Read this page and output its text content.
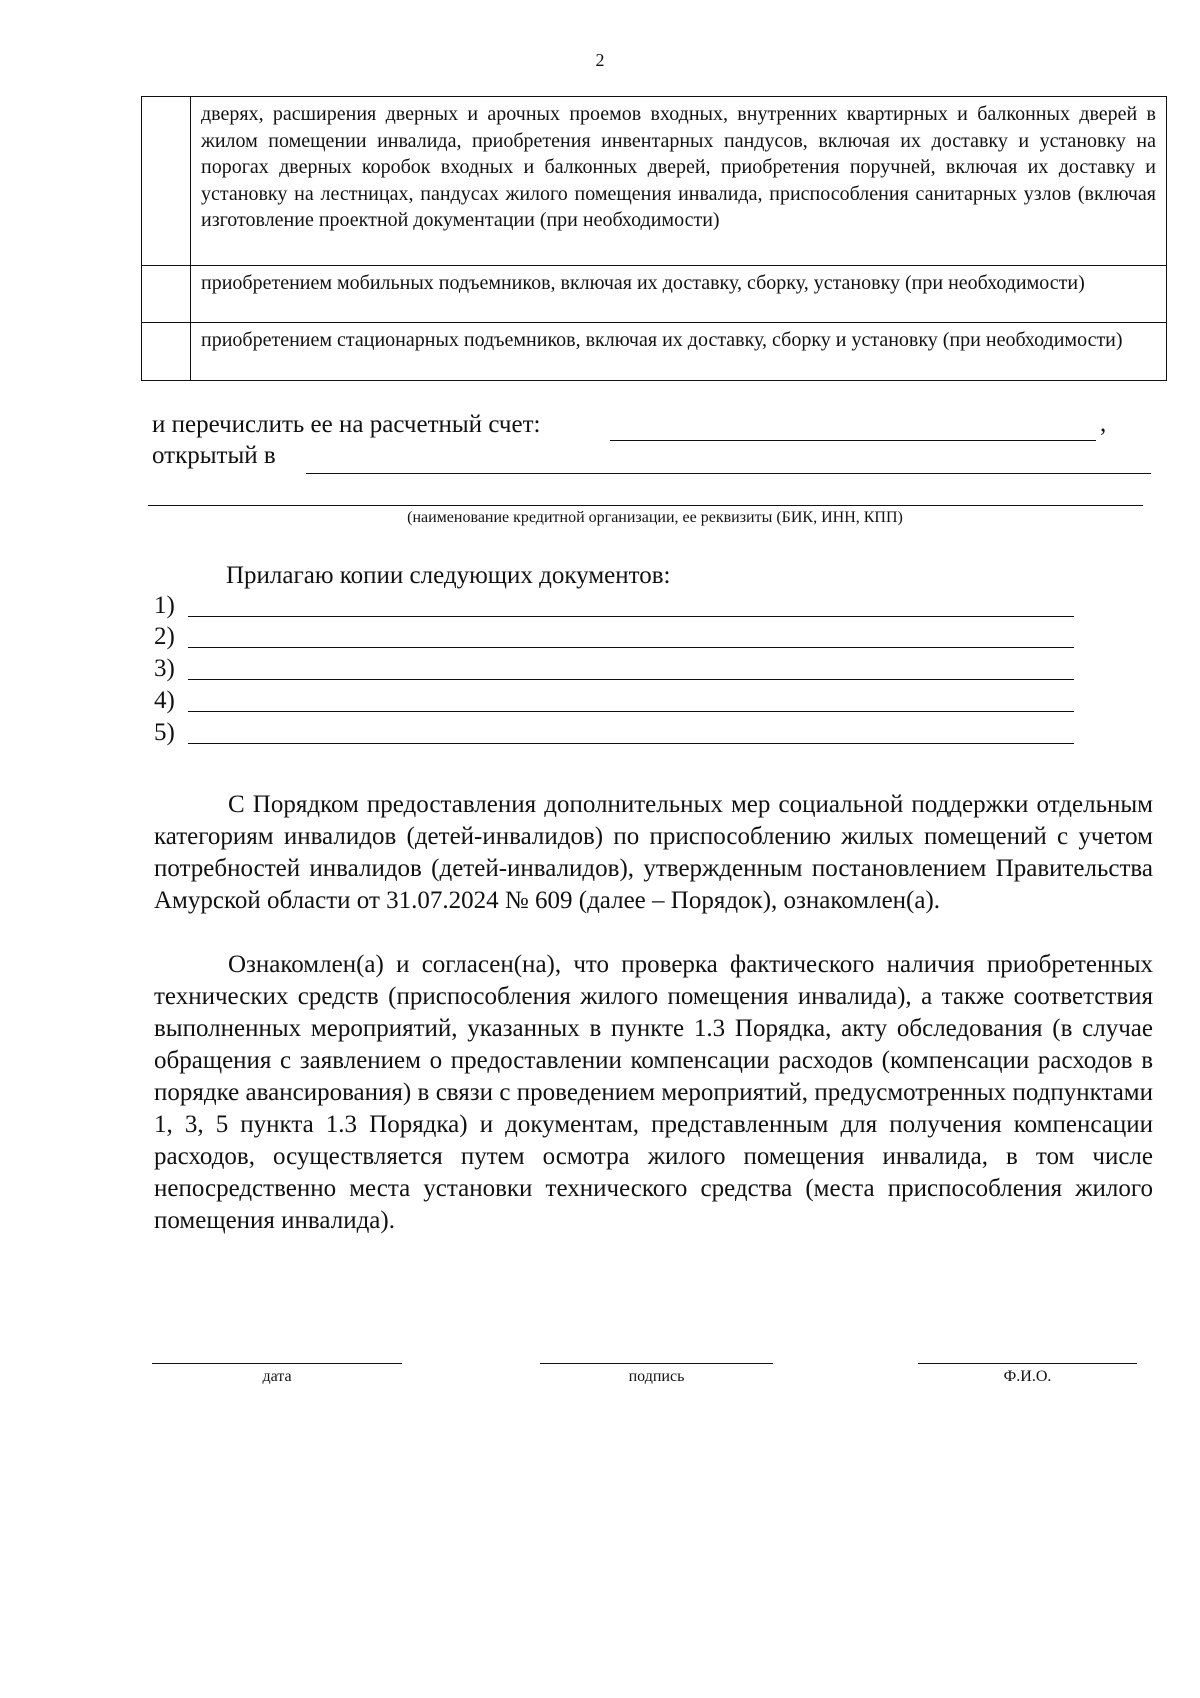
2
	дверях, расширения дверных и арочных проемов входных, внутренних квартирных и балконных дверей в жилом помещении инвалида, приобретения инвентарных пандусов, включая их доставку и установку на порогах дверных коробок входных и балконных дверей, приобретения поручней, включая их доставку и установку на лестницах, пандусах жилого помещения инвалида, приспособления санитарных узлов (включая изготовление проектной документации (при необходимости)
	приобретением мобильных подъемников, включая их доставку, сборку, установку (при необходимости)
	приобретением стационарных подъемников, включая их доставку, сборку и установку (при необходимости)
и перечислить ее на расчетный счет:	,
открытый в
(наименование кредитной организации, ее реквизиты (БИК, ИНН, КПП)
Прилагаю копии следующих документов:
1)
2)
3)
4)
5)

С Порядком предоставления дополнительных мер социальной поддержки отдельным категориям инвалидов (детей-инвалидов) по приспособлению жилых помещений с учетом потребностей инвалидов (детей-инвалидов), утвержденным постановлением Правительства Амурской области от 31.07.2024 № 609 (далее – Порядок), ознакомлен(а).

Ознакомлен(а) и согласен(на), что проверка фактического наличия приобретенных технических средств (приспособления жилого помещения инвалида), а также соответствия выполненных мероприятий, указанных в пункте 1.3 Порядка, акту обследования (в случае обращения с заявлением о предоставлении компенсации расходов (компенсации расходов в порядке авансирования) в связи с проведением мероприятий, предусмотренных подпунктами 1, 3, 5 пункта 1.3 Порядка) и документам, представленным для получения компенсации расходов, осуществляется путем осмотра жилого помещения инвалида, в том числе непосредственно места установки технического средства (места приспособления жилого помещения инвалида).

дата	подпись	Ф.И.О.
